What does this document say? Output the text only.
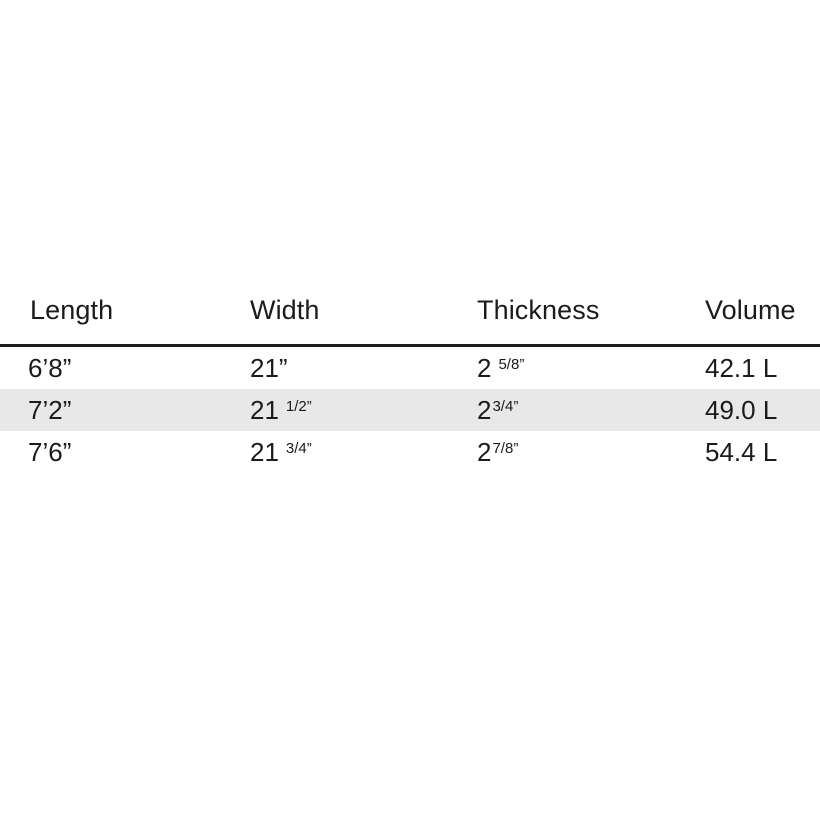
Length	Width	Thickness	Volume
6’8”	21”	2 $^{5/8”}$	42.1 L
7’2”	21 $^{1/2”}$	$2^{3/4”}$	49.0 L
7’6”	21 $^{3/4”}$	$2^{7/8”}$	54.4 L
